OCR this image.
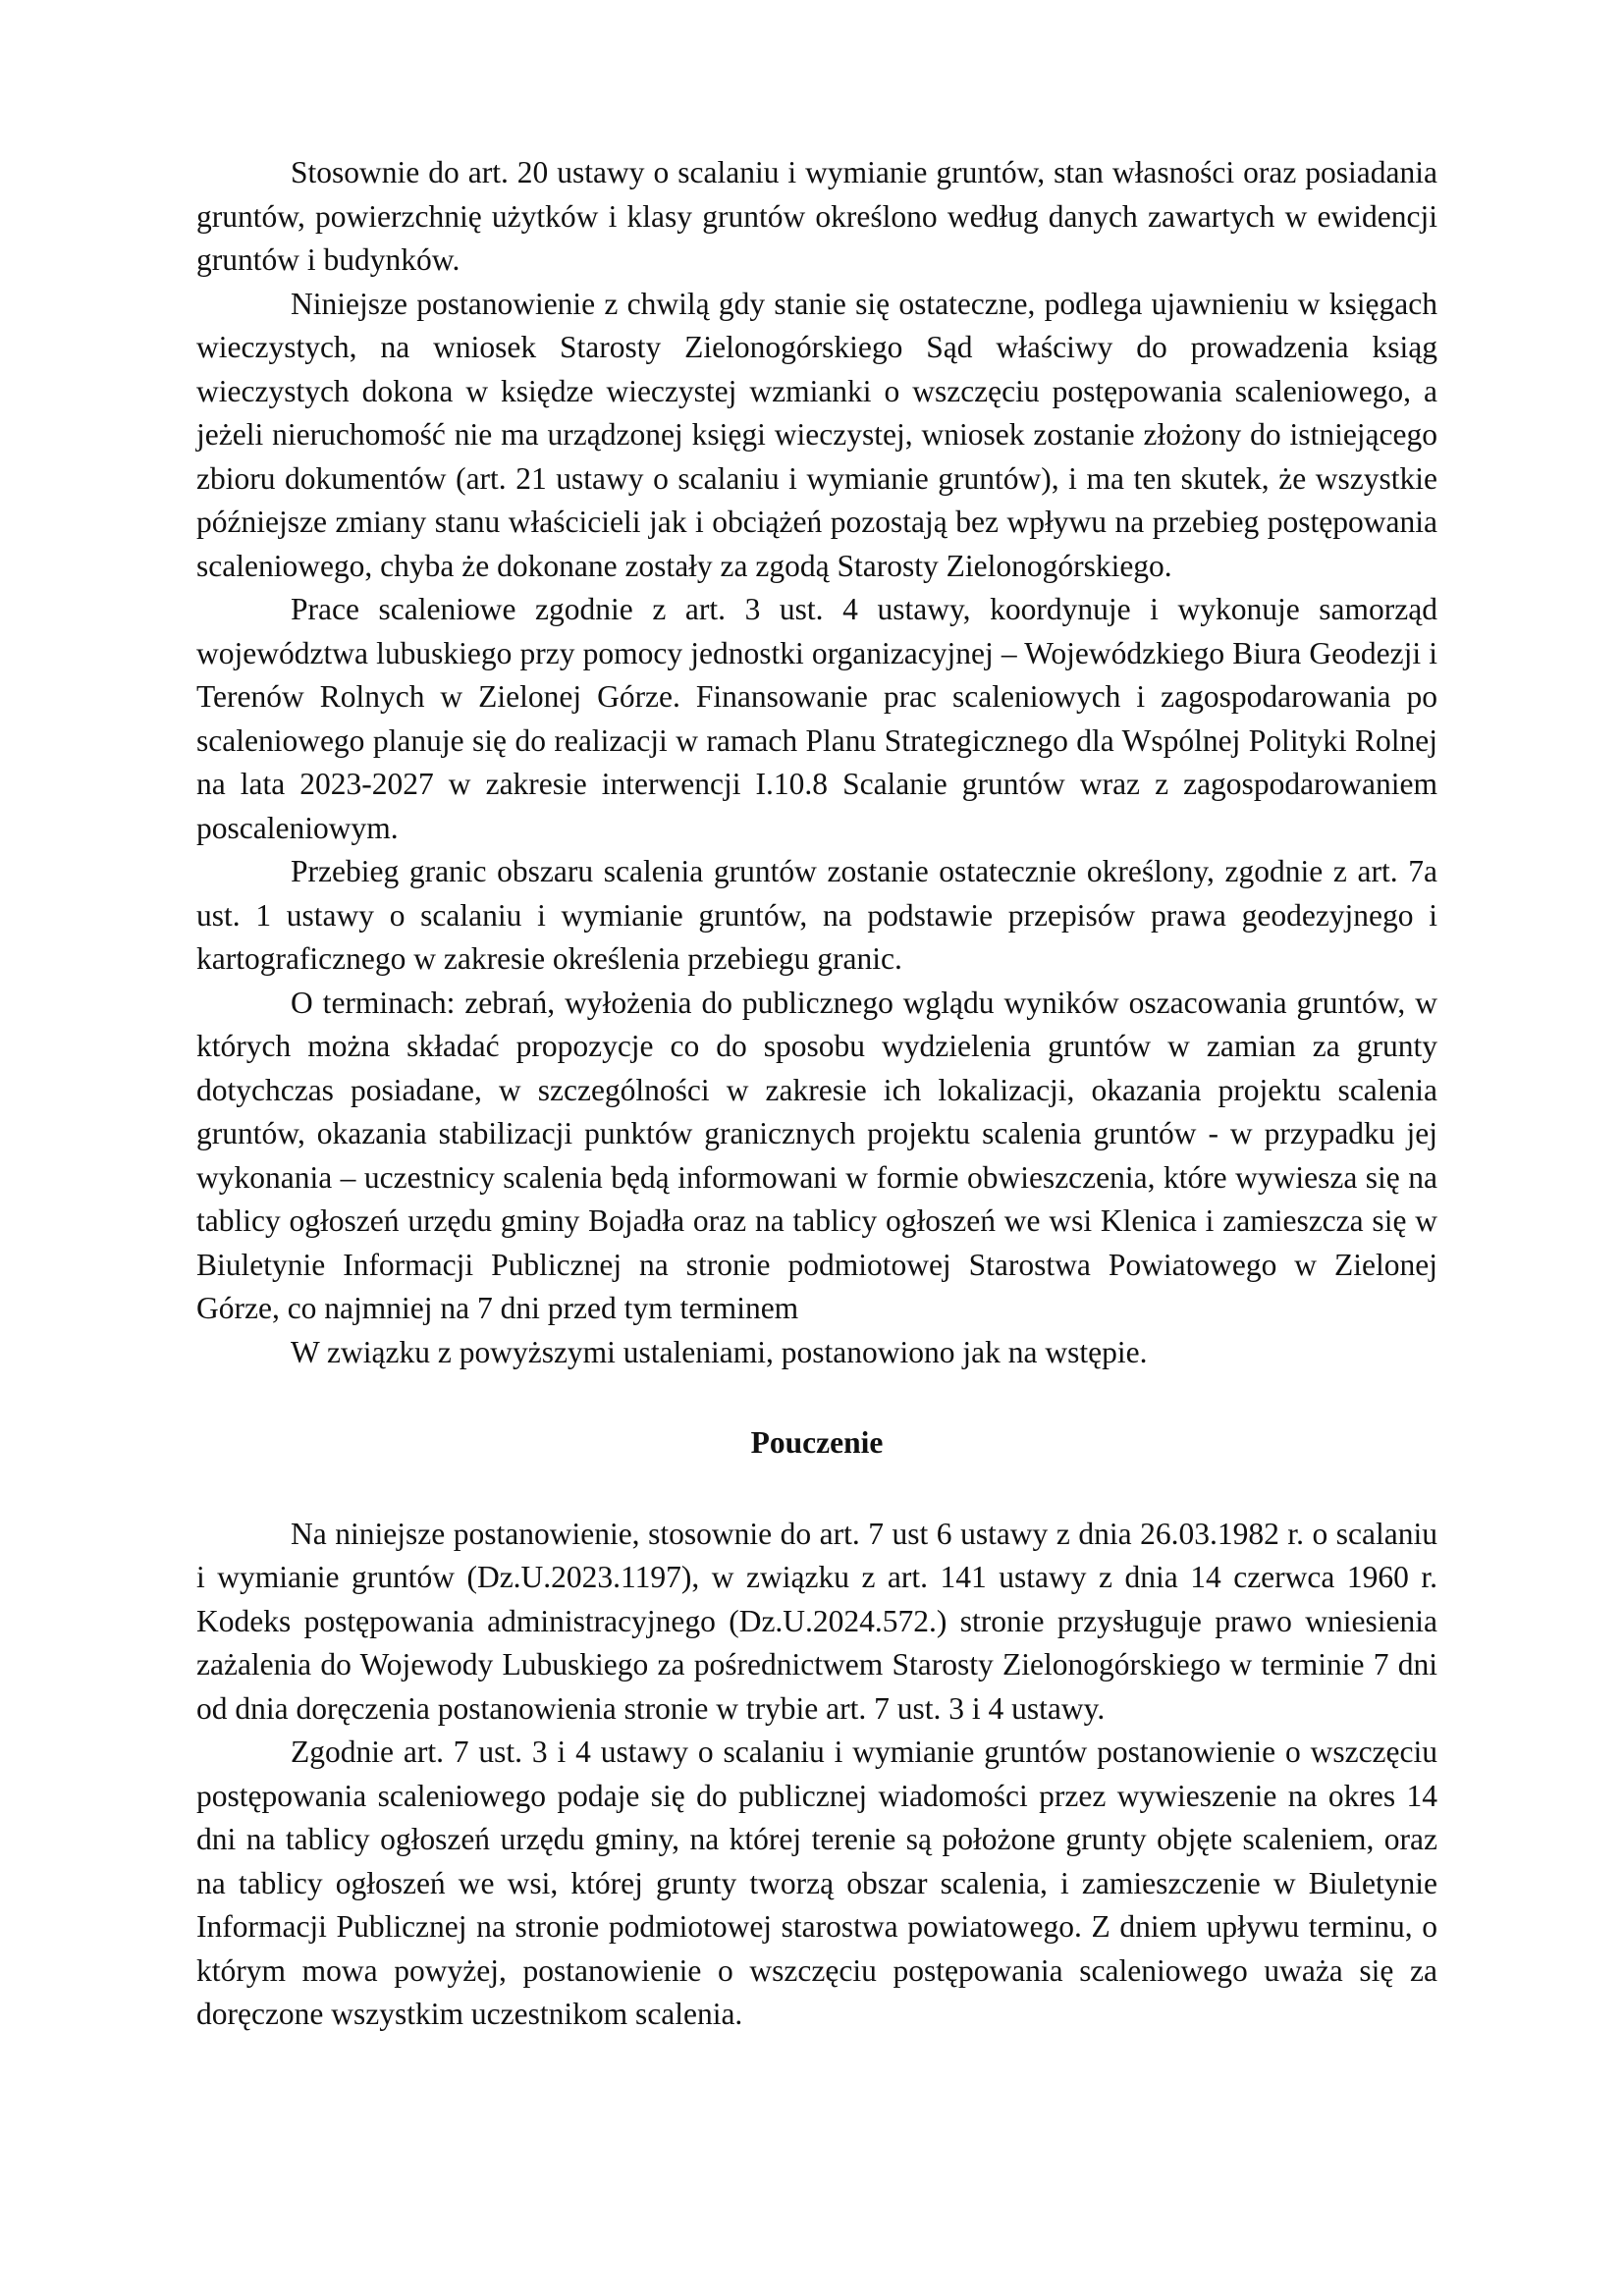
Stosownie do art. 20 ustawy o scalaniu i wymianie gruntów, stan własności oraz posiadania gruntów, powierzchnię użytków i klasy gruntów określono według danych zawartych w ewidencji gruntów i budynków.

Niniejsze postanowienie z chwilą gdy stanie się ostateczne, podlega ujawnieniu w księgach wieczystych, na wniosek Starosty Zielonogórskiego Sąd właściwy do prowadzenia ksiąg wieczystych dokona w księdze wieczystej wzmianki o wszczęciu postępowania scaleniowego, a jeżeli nieruchomość nie ma urządzonej księgi wieczystej, wniosek zostanie złożony do istniejącego zbioru dokumentów (art. 21 ustawy o scalaniu i wymianie gruntów), i ma ten skutek, że wszystkie późniejsze zmiany stanu właścicieli jak i obciążeń pozostają bez wpływu na przebieg postępowania scaleniowego, chyba że dokonane zostały za zgodą Starosty Zielonogórskiego.

Prace scaleniowe zgodnie z art. 3 ust. 4 ustawy, koordynuje i wykonuje samorząd województwa lubuskiego przy pomocy jednostki organizacyjnej – Wojewódzkiego Biura Geodezji i Terenów Rolnych w Zielonej Górze. Finansowanie prac scaleniowych i zagospodarowania po scaleniowego planuje się do realizacji w ramach Planu Strategicznego dla Wspólnej Polityki Rolnej na lata 2023-2027 w zakresie interwencji I.10.8 Scalanie gruntów wraz z zagospodarowaniem poscaleniowym.

Przebieg granic obszaru scalenia gruntów zostanie ostatecznie określony, zgodnie z art. 7a ust. 1 ustawy o scalaniu i wymianie gruntów, na podstawie przepisów prawa geodezyjnego i kartograficznego w zakresie określenia przebiegu granic.

O terminach: zebrań, wyłożenia do publicznego wglądu wyników oszacowania gruntów, w których można składać propozycje co do sposobu wydzielenia gruntów w zamian za grunty dotychczas posiadane, w szczególności w zakresie ich lokalizacji, okazania projektu scalenia gruntów, okazania stabilizacji punktów granicznych projektu scalenia gruntów - w przypadku jej wykonania – uczestnicy scalenia będą informowani w formie obwieszczenia, które wywiesza się na tablicy ogłoszeń urzędu gminy Bojadła oraz na tablicy ogłoszeń we wsi Klenica i zamieszcza się w Biuletynie Informacji Publicznej na stronie podmiotowej Starostwa Powiatowego w Zielonej Górze, co najmniej na 7 dni przed tym terminem

W związku z powyższymi ustaleniami, postanowiono jak na wstępie.

Pouczenie

Na niniejsze postanowienie, stosownie do art. 7 ust 6 ustawy z dnia 26.03.1982 r. o scalaniu i wymianie gruntów (Dz.U.2023.1197), w związku z art. 141 ustawy z dnia 14 czerwca 1960 r. Kodeks postępowania administracyjnego (Dz.U.2024.572.) stronie przysługuje prawo wniesienia zażalenia do Wojewody Lubuskiego za pośrednictwem Starosty Zielonogórskiego w terminie 7 dni od dnia doręczenia postanowienia stronie w trybie art. 7 ust. 3 i 4 ustawy.

Zgodnie art. 7 ust. 3 i 4 ustawy o scalaniu i wymianie gruntów postanowienie o wszczęciu postępowania scaleniowego podaje się do publicznej wiadomości przez wywieszenie na okres 14 dni na tablicy ogłoszeń urzędu gminy, na której terenie są położone grunty objęte scaleniem, oraz na tablicy ogłoszeń we wsi, której grunty tworzą obszar scalenia, i zamieszczenie w Biuletynie Informacji Publicznej na stronie podmiotowej starostwa powiatowego. Z dniem upływu terminu, o którym mowa powyżej, postanowienie o wszczęciu postępowania scaleniowego uważa się za doręczone wszystkim uczestnikom scalenia.
